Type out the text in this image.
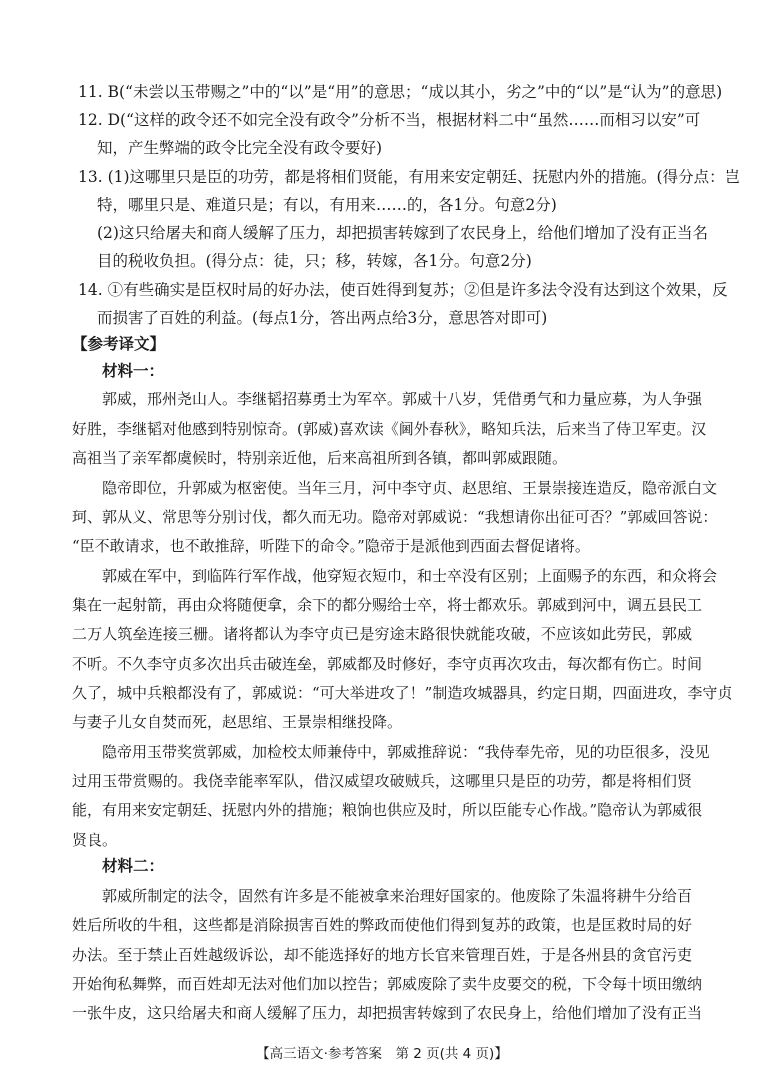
11. B(“未尝以玉带赐之”中的“以”是“用”的意思；“成以其小，劣之”中的“以”是“认为”的意思)
12. D(“这样的政令还不如完全没有政令”分析不当，根据材料二中“虽然……而相习以安”可
知，产生弊端的政令比完全没有政令要好)
13. (1)这哪里只是臣的功劳，都是将相们贤能，有用来安定朝廷、抚慰内外的措施。(得分点：岂
特，哪里只是、难道只是；有以，有用来……的，各1分。句意2分)
(2)这只给屠夫和商人缓解了压力，却把损害转嫁到了农民身上，给他们增加了没有正当名
目的税收负担。(得分点：徒，只；移，转嫁，各1分。句意2分)
14. ①有些确实是臣权时局的好办法，使百姓得到复苏；②但是许多法令没有达到这个效果，反
而损害了百姓的利益。(每点1分，答出两点给3分，意思答对即可)
【参考译文】
材料一：
郭威，邢州尧山人。李继韬招募勇士为军卒。郭威十八岁，凭借勇气和力量应募，为人争强
好胜，李继韬对他感到特别惊奇。(郭威)喜欢读《阃外春秋》，略知兵法，后来当了侍卫军吏。汉
高祖当了亲军都虞候时，特别亲近他，后来高祖所到各镇，都叫郭威跟随。
隐帝即位，升郭威为枢密使。当年三月，河中李守贞、赵思绾、王景崇接连造反，隐帝派白文
珂、郭从义、常思等分别讨伐，都久而无功。隐帝对郭威说：“我想请你出征可否？”郭威回答说：
“臣不敢请求，也不敢推辞，听陛下的命令。”隐帝于是派他到西面去督促诸将。
郭威在军中，到临阵行军作战，他穿短衣短巾，和士卒没有区别；上面赐予的东西，和众将会
集在一起射箭，再由众将随便拿，余下的都分赐给士卒，将士都欢乐。郭威到河中，调五县民工
二万人筑垒连接三栅。诸将都认为李守贞已是穷途末路很快就能攻破，不应该如此劳民，郭威
不听。不久李守贞多次出兵击破连垒，郭威都及时修好，李守贞再次攻击，每次都有伤亡。时间
久了，城中兵粮都没有了，郭威说：“可大举进攻了！”制造攻城器具，约定日期，四面进攻，李守贞
与妻子儿女自焚而死，赵思绾、王景崇相继投降。
隐帝用玉带奖赏郭威，加检校太师兼侍中，郭威推辞说：“我侍奉先帝，见的功臣很多，没见
过用玉带赏赐的。我侥幸能率军队，借汉威望攻破贼兵，这哪里只是臣的功劳，都是将相们贤
能，有用来安定朝廷、抚慰内外的措施；粮饷也供应及时，所以臣能专心作战。”隐帝认为郭威很
贤良。
材料二：
郭威所制定的法令，固然有许多是不能被拿来治理好国家的。他废除了朱温将耕牛分给百
姓后所收的牛租，这些都是消除损害百姓的弊政而使他们得到复苏的政策，也是匡救时局的好
办法。至于禁止百姓越级诉讼，却不能选择好的地方长官来管理百姓，于是各州县的贪官污吏
开始徇私舞弊，而百姓却无法对他们加以控告；郭威废除了卖牛皮要交的税，下令每十顷田缴纳
一张牛皮，这只给屠夫和商人缓解了压力，却把损害转嫁到了农民身上，给他们增加了没有正当
【高三语文·参考答案　第 2 页(共 4 页)】
